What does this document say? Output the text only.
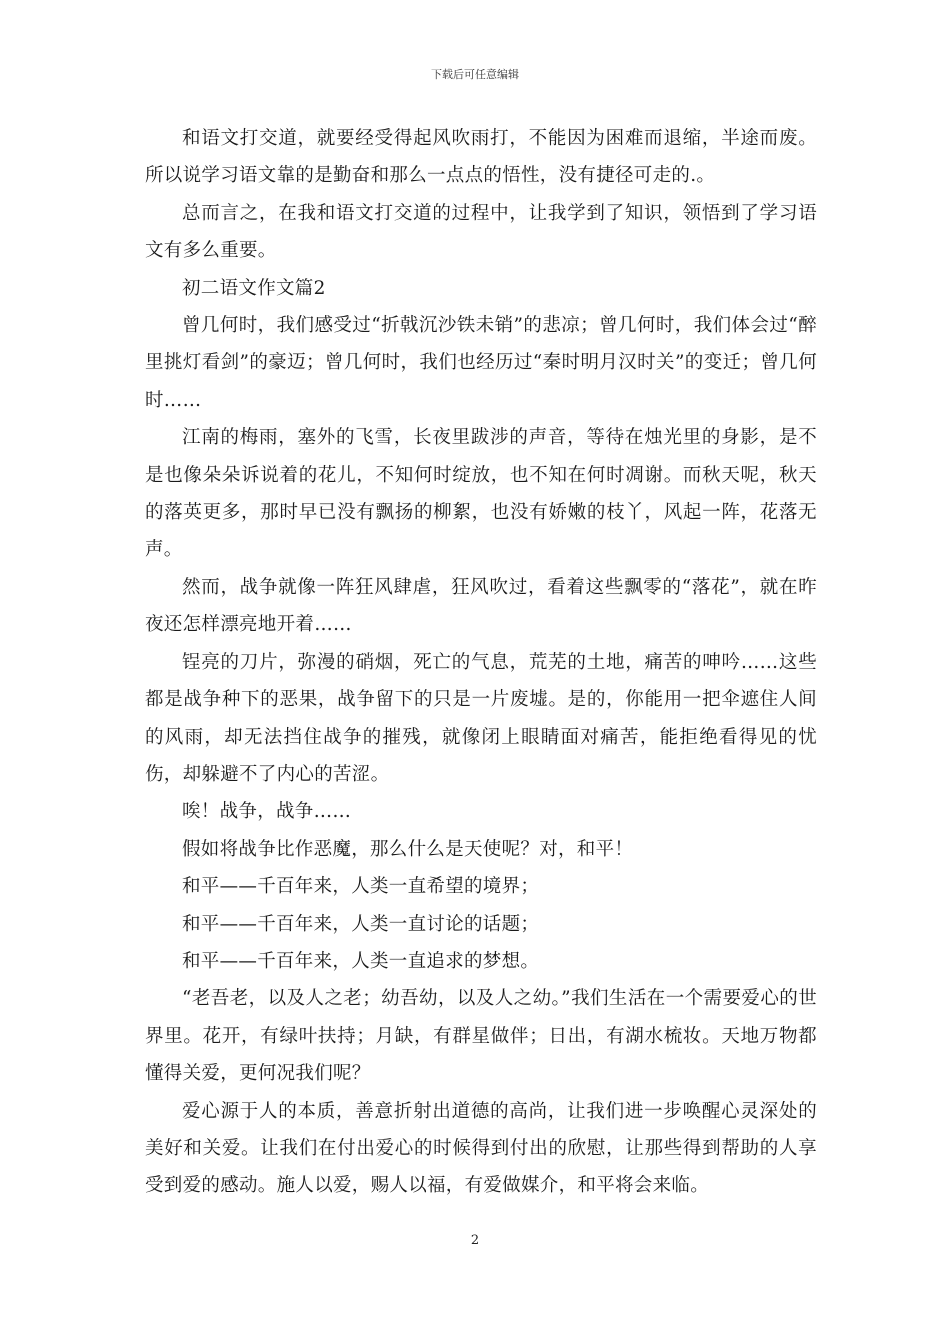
下载后可任意编辑

和语文打交道，就要经受得起风吹雨打，不能因为困难而退缩，半途而废。所以说学习语文靠的是勤奋和那么一点点的悟性，没有捷径可走的.。

总而言之，在我和语文打交道的过程中，让我学到了知识，领悟到了学习语文有多么重要。

初二语文作文篇2

曾几何时，我们感受过“折戟沉沙铁未销”的悲凉；曾几何时，我们体会过“醉里挑灯看剑”的豪迈；曾几何时，我们也经历过“秦时明月汉时关”的变迁；曾几何时……

江南的梅雨，塞外的飞雪，长夜里跋涉的声音，等待在烛光里的身影，是不是也像朵朵诉说着的花儿，不知何时绽放，也不知在何时凋谢。而秋天呢，秋天的落英更多，那时早已没有飘扬的柳絮，也没有娇嫩的枝丫，风起一阵，花落无声。

然而，战争就像一阵狂风肆虐，狂风吹过，看着这些飘零的“落花”，就在昨夜还怎样漂亮地开着……

锃亮的刀片，弥漫的硝烟，死亡的气息，荒芜的土地，痛苦的呻吟……这些都是战争种下的恶果，战争留下的只是一片废墟。是的，你能用一把伞遮住人间的风雨，却无法挡住战争的摧残，就像闭上眼睛面对痛苦，能拒绝看得见的忧伤，却躲避不了内心的苦涩。

唉！战争，战争……

假如将战争比作恶魔，那么什么是天使呢？对，和平！

和平——千百年来，人类一直希望的境界；

和平——千百年来，人类一直讨论的话题；

和平——千百年来，人类一直追求的梦想。

“老吾老，以及人之老；幼吾幼，以及人之幼。”我们生活在一个需要爱心的世界里。花开，有绿叶扶持；月缺，有群星做伴；日出，有湖水梳妆。天地万物都懂得关爱，更何况我们呢？

爱心源于人的本质，善意折射出道德的高尚，让我们进一步唤醒心灵深处的美好和关爱。让我们在付出爱心的时候得到付出的欣慰，让那些得到帮助的人享受到爱的感动。施人以爱，赐人以福，有爱做媒介，和平将会来临。

2
